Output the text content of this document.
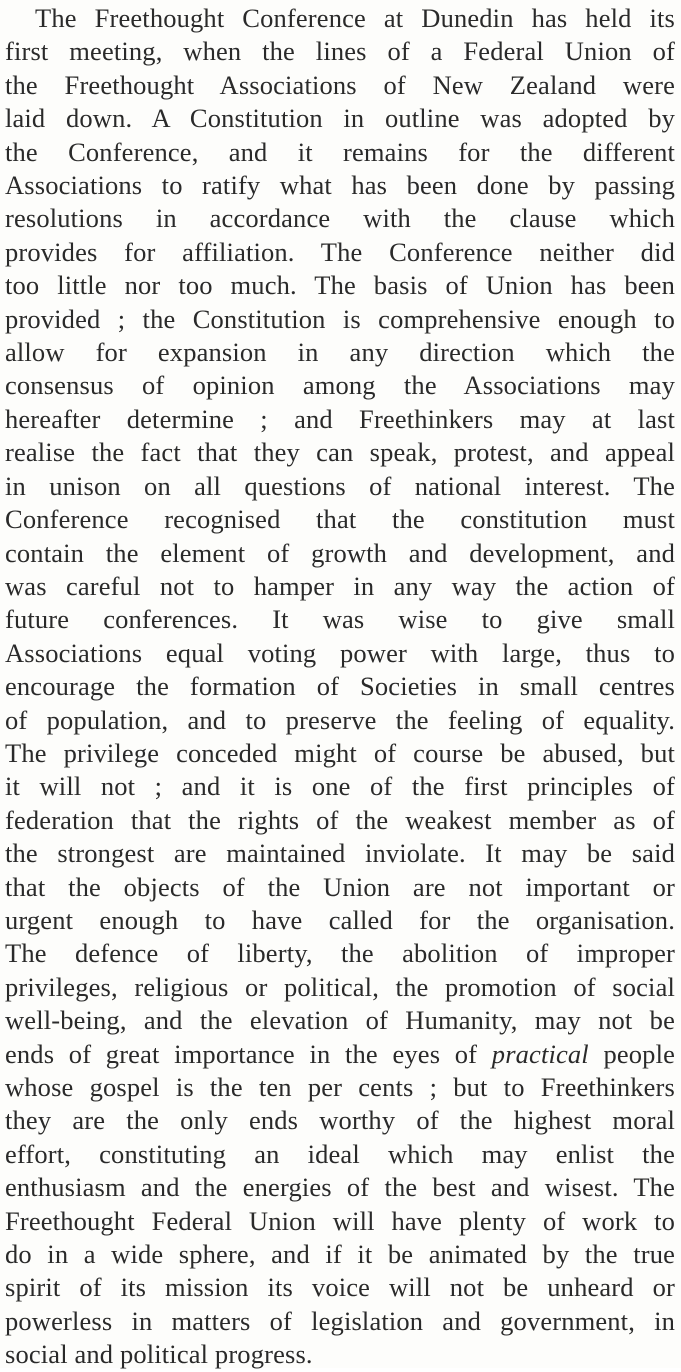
The Freethought Conference at Dunedin has held its
first meeting, when the lines of a Federal Union of
the Freethought Associations of New Zealand were
laid down. A Constitution in outline was adopted by
the Conference, and it remains for the different
Associations to ratify what has been done by passing
resolutions in accordance with the clause which
provides for affiliation. The Conference neither did
too little nor too much. The basis of Union has been
provided ; the Constitution is comprehensive enough to
allow for expansion in any direction which the
consensus of opinion among the Associations may
hereafter determine ; and Freethinkers may at last
realise the fact that they can speak, protest, and appeal
in unison on all questions of national interest. The
Conference recognised that the constitution must
contain the element of growth and development, and
was careful not to hamper in any way the action of
future conferences. It was wise to give small
Associations equal voting power with large, thus to
encourage the formation of Societies in small centres
of population, and to preserve the feeling of equality.
The privilege conceded might of course be abused, but
it will not ; and it is one of the first principles of
federation that the rights of the weakest member as of
the strongest are maintained inviolate. It may be said
that the objects of the Union are not important or
urgent enough to have called for the organisation.
The defence of liberty, the abolition of improper
privileges, religious or political, the promotion of social
well-being, and the elevation of Humanity, may not be
ends of great importance in the eyes of practical people
whose gospel is the ten per cents ; but to Freethinkers
they are the only ends worthy of the highest moral
effort, constituting an ideal which may enlist the
enthusiasm and the energies of the best and wisest. The
Freethought Federal Union will have plenty of work to
do in a wide sphere, and if it be animated by the true
spirit of its mission its voice will not be unheard or
powerless in matters of legislation and government, in
social and political progress.
